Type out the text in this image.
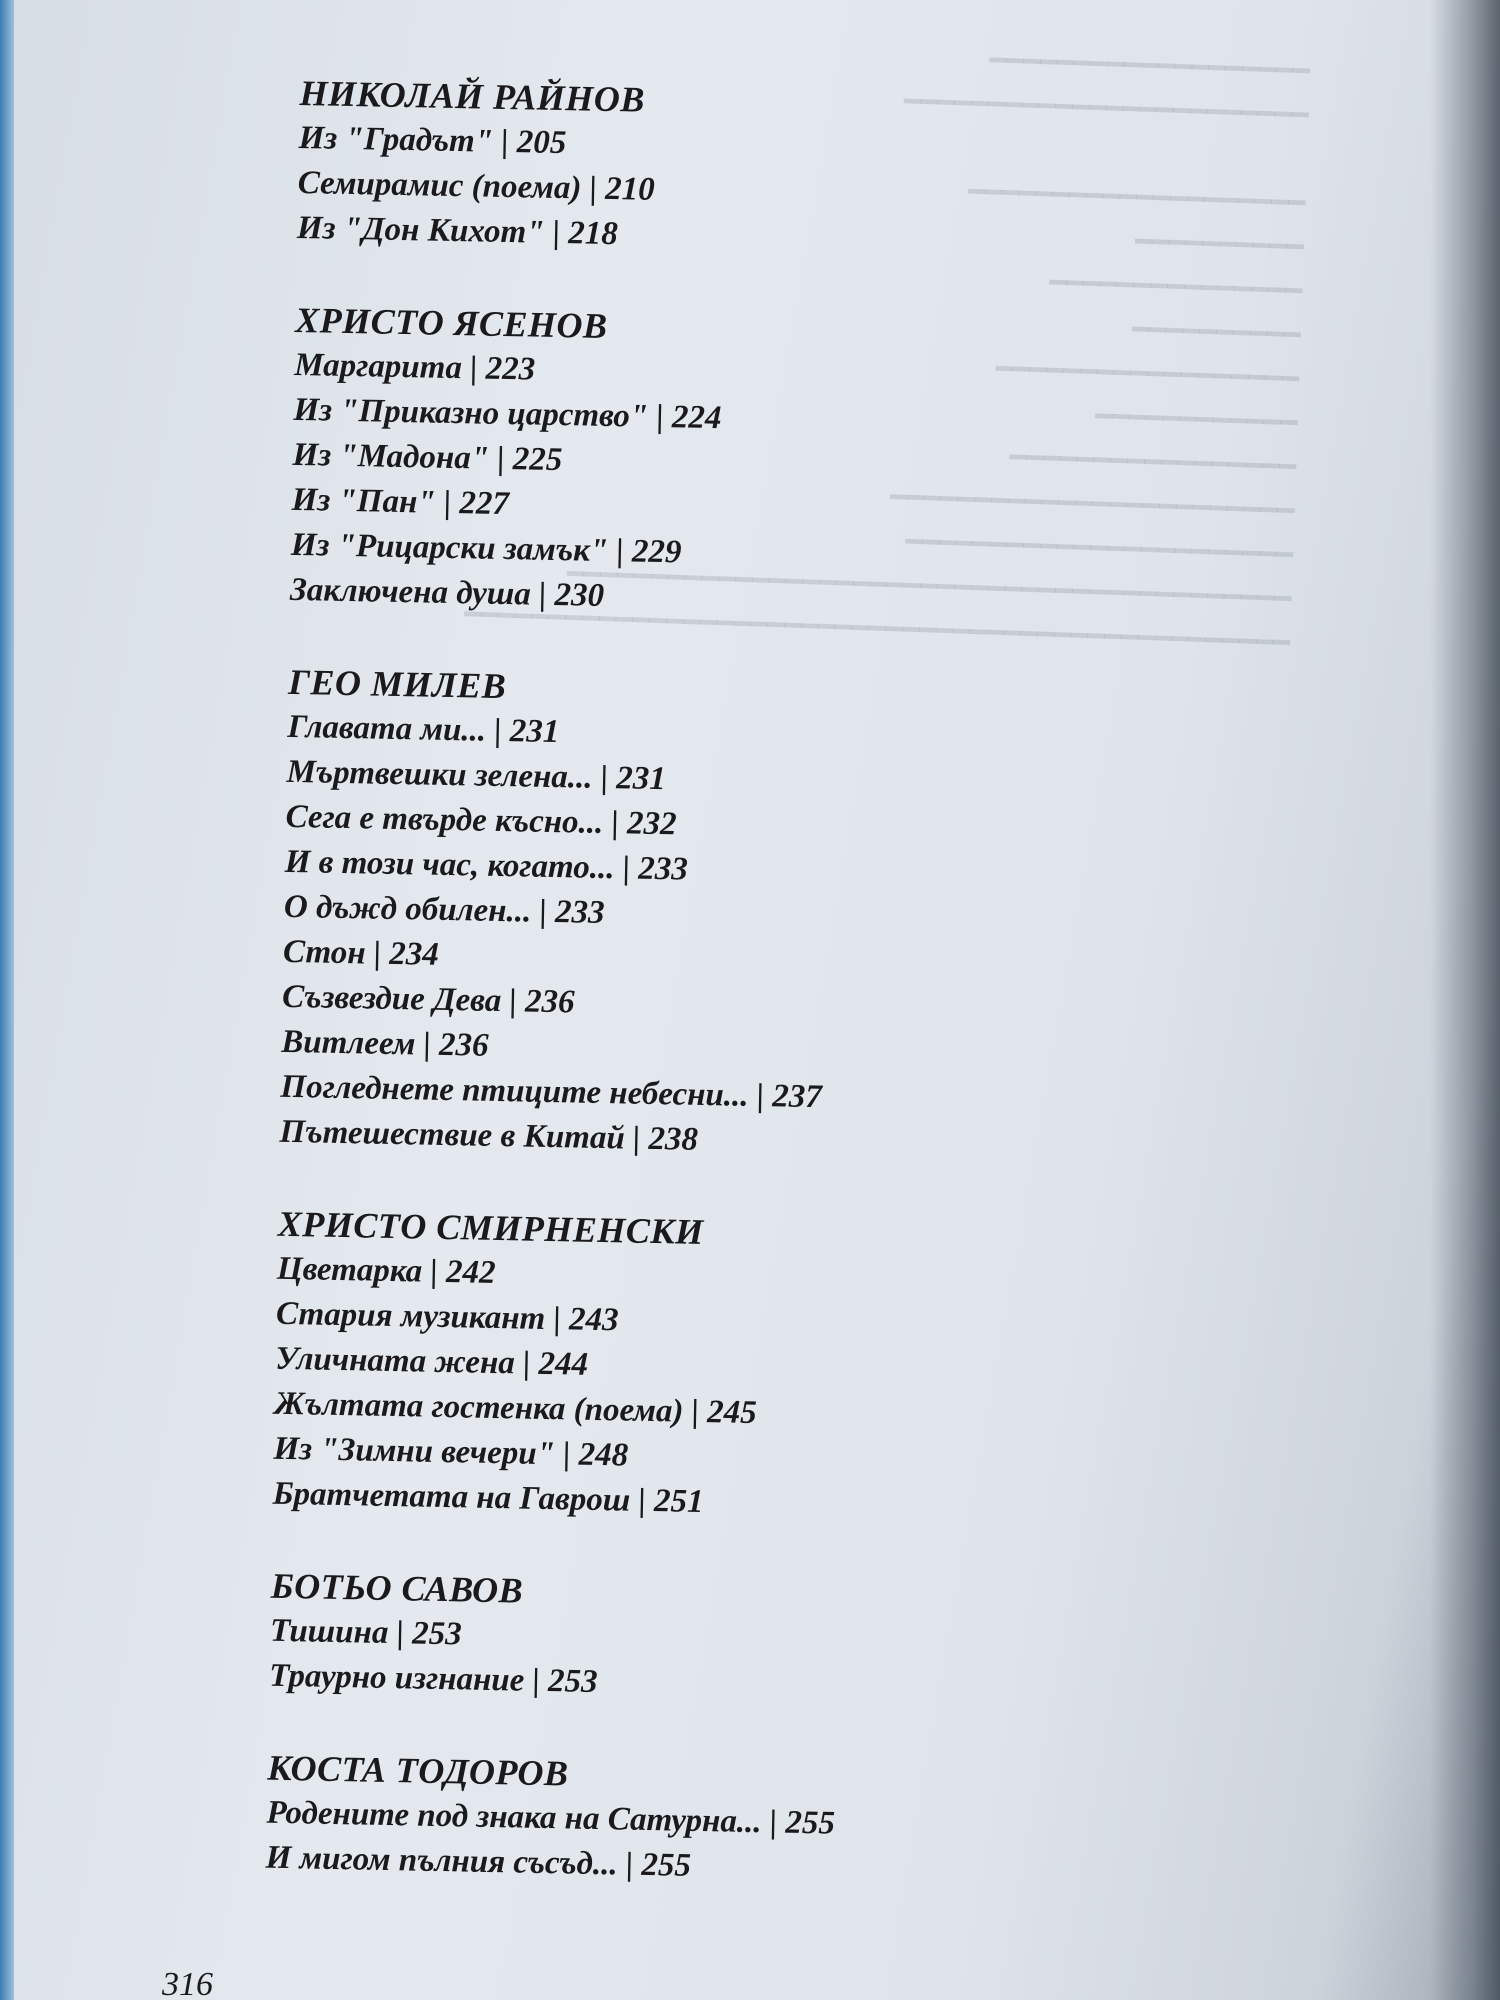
━━━━━━━━━━━━━━━━━━━
━━━━━━━━━━━━━━━━━━━━━━━━

━━━━━━━━━━━━━━━━━━━━
━━━━━━━━━━
━━━━━━━━━━━━━━━
━━━━━━━━━━
━━━━━━━━━━━━━━━━━━
━━━━━━━━━━━━
━━━━━━━━━━━━━━━━━
━━━━━━━━━━━━━━━━━━━━━━━━
━━━━━━━━━━━━━━━━━━━━━━━
━━━━━━━━━━━━━━━━━━━━━━━━━━━━━━━━━━━━━━━━━━━
━━━━━━━━━━━━━━━━━━━━━━━━━━━━━━━━━━━━━━━━━━━━━━━━━

НИКОЛАЙ РАЙНОВ

Из "Градът" | 205

Семирамис (поема) | 210

Из "Дон Кихот" | 218

ХРИСТО ЯСЕНОВ

Маргарита | 223

Из "Приказно царство" | 224

Из "Мадона" | 225

Из "Пан" | 227

Из "Рицарски замък" | 229

Заключена душа | 230

ГЕО МИЛЕВ

Главата ми... | 231

Мъртвешки зелена... | 231

Сега е твърде късно... | 232

И в този час, когато... | 233

О дъжд обилен... | 233

Стон | 234

Съзвездие Дева | 236

Витлеем | 236

Погледнете птиците небесни... | 237

Пътешествие в Китай | 238

ХРИСТО СМИРНЕНСКИ

Цветарка | 242

Стария музикант | 243

Уличната жена | 244

Жълтата гостенка (поема) | 245

Из "Зимни вечери" | 248

Братчетата на Гаврош | 251

БОТЬО САВОВ

Тишина | 253

Траурно изгнание | 253

КОСТА ТОДОРОВ

Родените под знака на Сатурна... | 255

И мигом пълния съсъд... | 255

316
